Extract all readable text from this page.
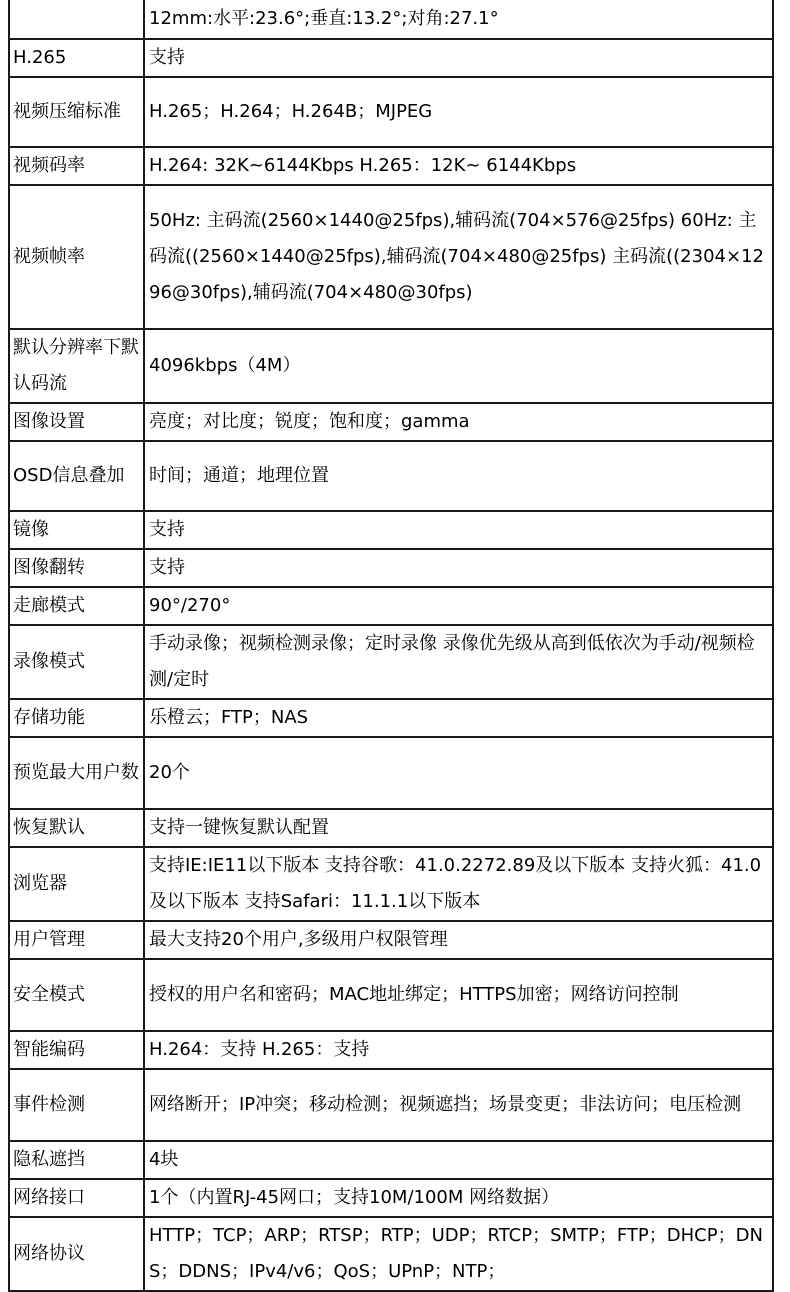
	12mm:水平:23.6°;垂直:13.2°;对角:27.1°
H.265	支持
视频压缩标准	H.265；H.264；H.264B；MJPEG
视频码率	H.264: 32K~6144Kbps H.265：12K~ 6144Kbps
视频帧率	50Hz: 主码流(2560×1440@25fps),辅码流(704×576@25fps) 60Hz: 主码流((2560×1440@25fps),辅码流(704×480@25fps) 主码流((2304×1296@30fps),辅码流(704×480@30fps)
默认分辨率下默认码流	4096kbps（4M）
图像设置	亮度；对比度；锐度；饱和度；gamma
OSD信息叠加	时间；通道；地理位置
镜像	支持
图像翻转	支持
走廊模式	90°/270°
录像模式	手动录像；视频检测录像；定时录像 录像优先级从高到低依次为手动/视频检测/定时
存储功能	乐橙云；FTP；NAS
预览最大用户数	20个
恢复默认	支持一键恢复默认配置
浏览器	支持IE:IE11以下版本 支持谷歌：41.0.2272.89及以下版本 支持火狐：41.0及以下版本 支持Safari：11.1.1以下版本
用户管理	最大支持20个用户,多级用户权限管理
安全模式	授权的用户名和密码；MAC地址绑定；HTTPS加密；网络访问控制
智能编码	H.264：支持 H.265：支持
事件检测	网络断开；IP冲突；移动检测；视频遮挡；场景变更；非法访问；电压检测
隐私遮挡	4块
网络接口	1个（内置RJ-45网口；支持10M/100M 网络数据）
网络协议	HTTP；TCP；ARP；RTSP；RTP；UDP；RTCP；SMTP；FTP；DHCP；DNS；DDNS；IPv4/v6；QoS；UPnP；NTP；
